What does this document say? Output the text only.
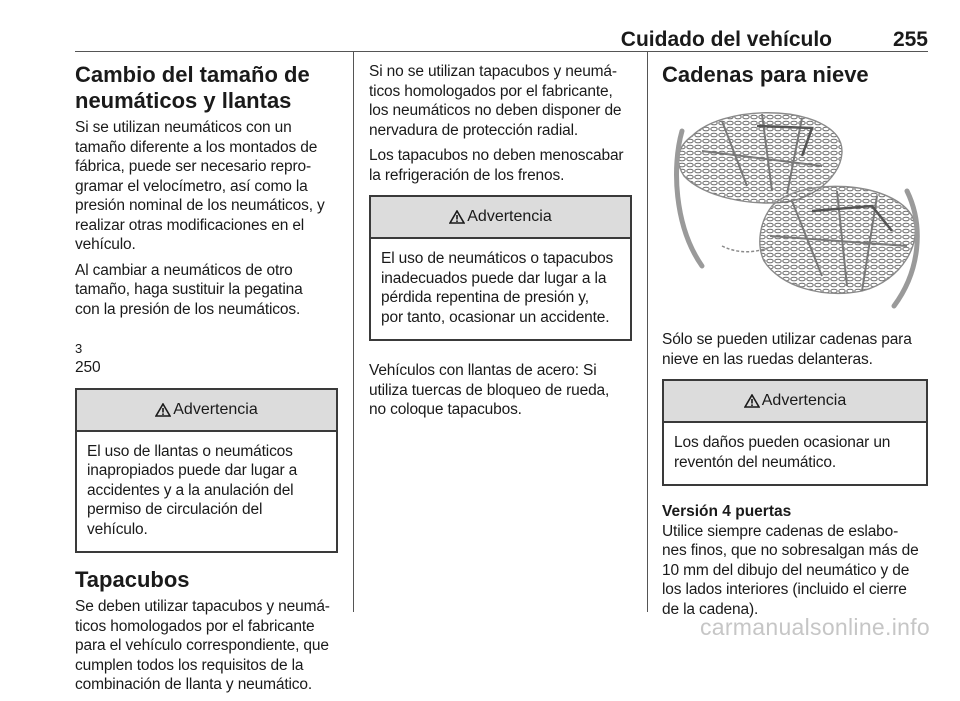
Cuidado del vehículo	255
Cambio del tamaño de
neumáticos y llantas
Si se utilizan neumáticos con un
tamaño diferente a los montados de
fábrica, puede ser necesario repro-
gramar el velocímetro, así como la
presión nominal de los neumáticos, y
realizar otras modificaciones en el
vehículo.
Al cambiar a neumáticos de otro
tamaño, haga sustituir la pegatina
con la presión de los neumáticos.

3
250

Advertencia
El uso de llantas o neumáticos
inapropiados puede dar lugar a
accidentes y a la anulación del
permiso de circulación del
vehículo.
Tapacubos
Se deben utilizar tapacubos y neumá-
ticos homologados por el fabricante
para el vehículo correspondiente, que
cumplen todos los requisitos de la
combinación de llanta y neumático.
Si no se utilizan tapacubos y neumá-
ticos homologados por el fabricante,
los neumáticos no deben disponer de
nervadura de protección radial.
Los tapacubos no deben menoscabar
la refrigeración de los frenos.
Advertencia
El uso de neumáticos o tapacubos
inadecuados puede dar lugar a la
pérdida repentina de presión y,
por tanto, ocasionar un accidente.
Vehículos con llantas de acero: Si
utiliza tuercas de bloqueo de rueda,
no coloque tapacubos.
Cadenas para nieve
Sólo se pueden utilizar cadenas para
nieve en las ruedas delanteras.
Advertencia
Los daños pueden ocasionar un
reventón del neumático.
Versión 4 puertas
Utilice siempre cadenas de eslabo-
nes finos, que no sobresalgan más de
10 mm del dibujo del neumático y de
los lados interiores (incluido el cierre
de la cadena).
carmanualsonline.info
